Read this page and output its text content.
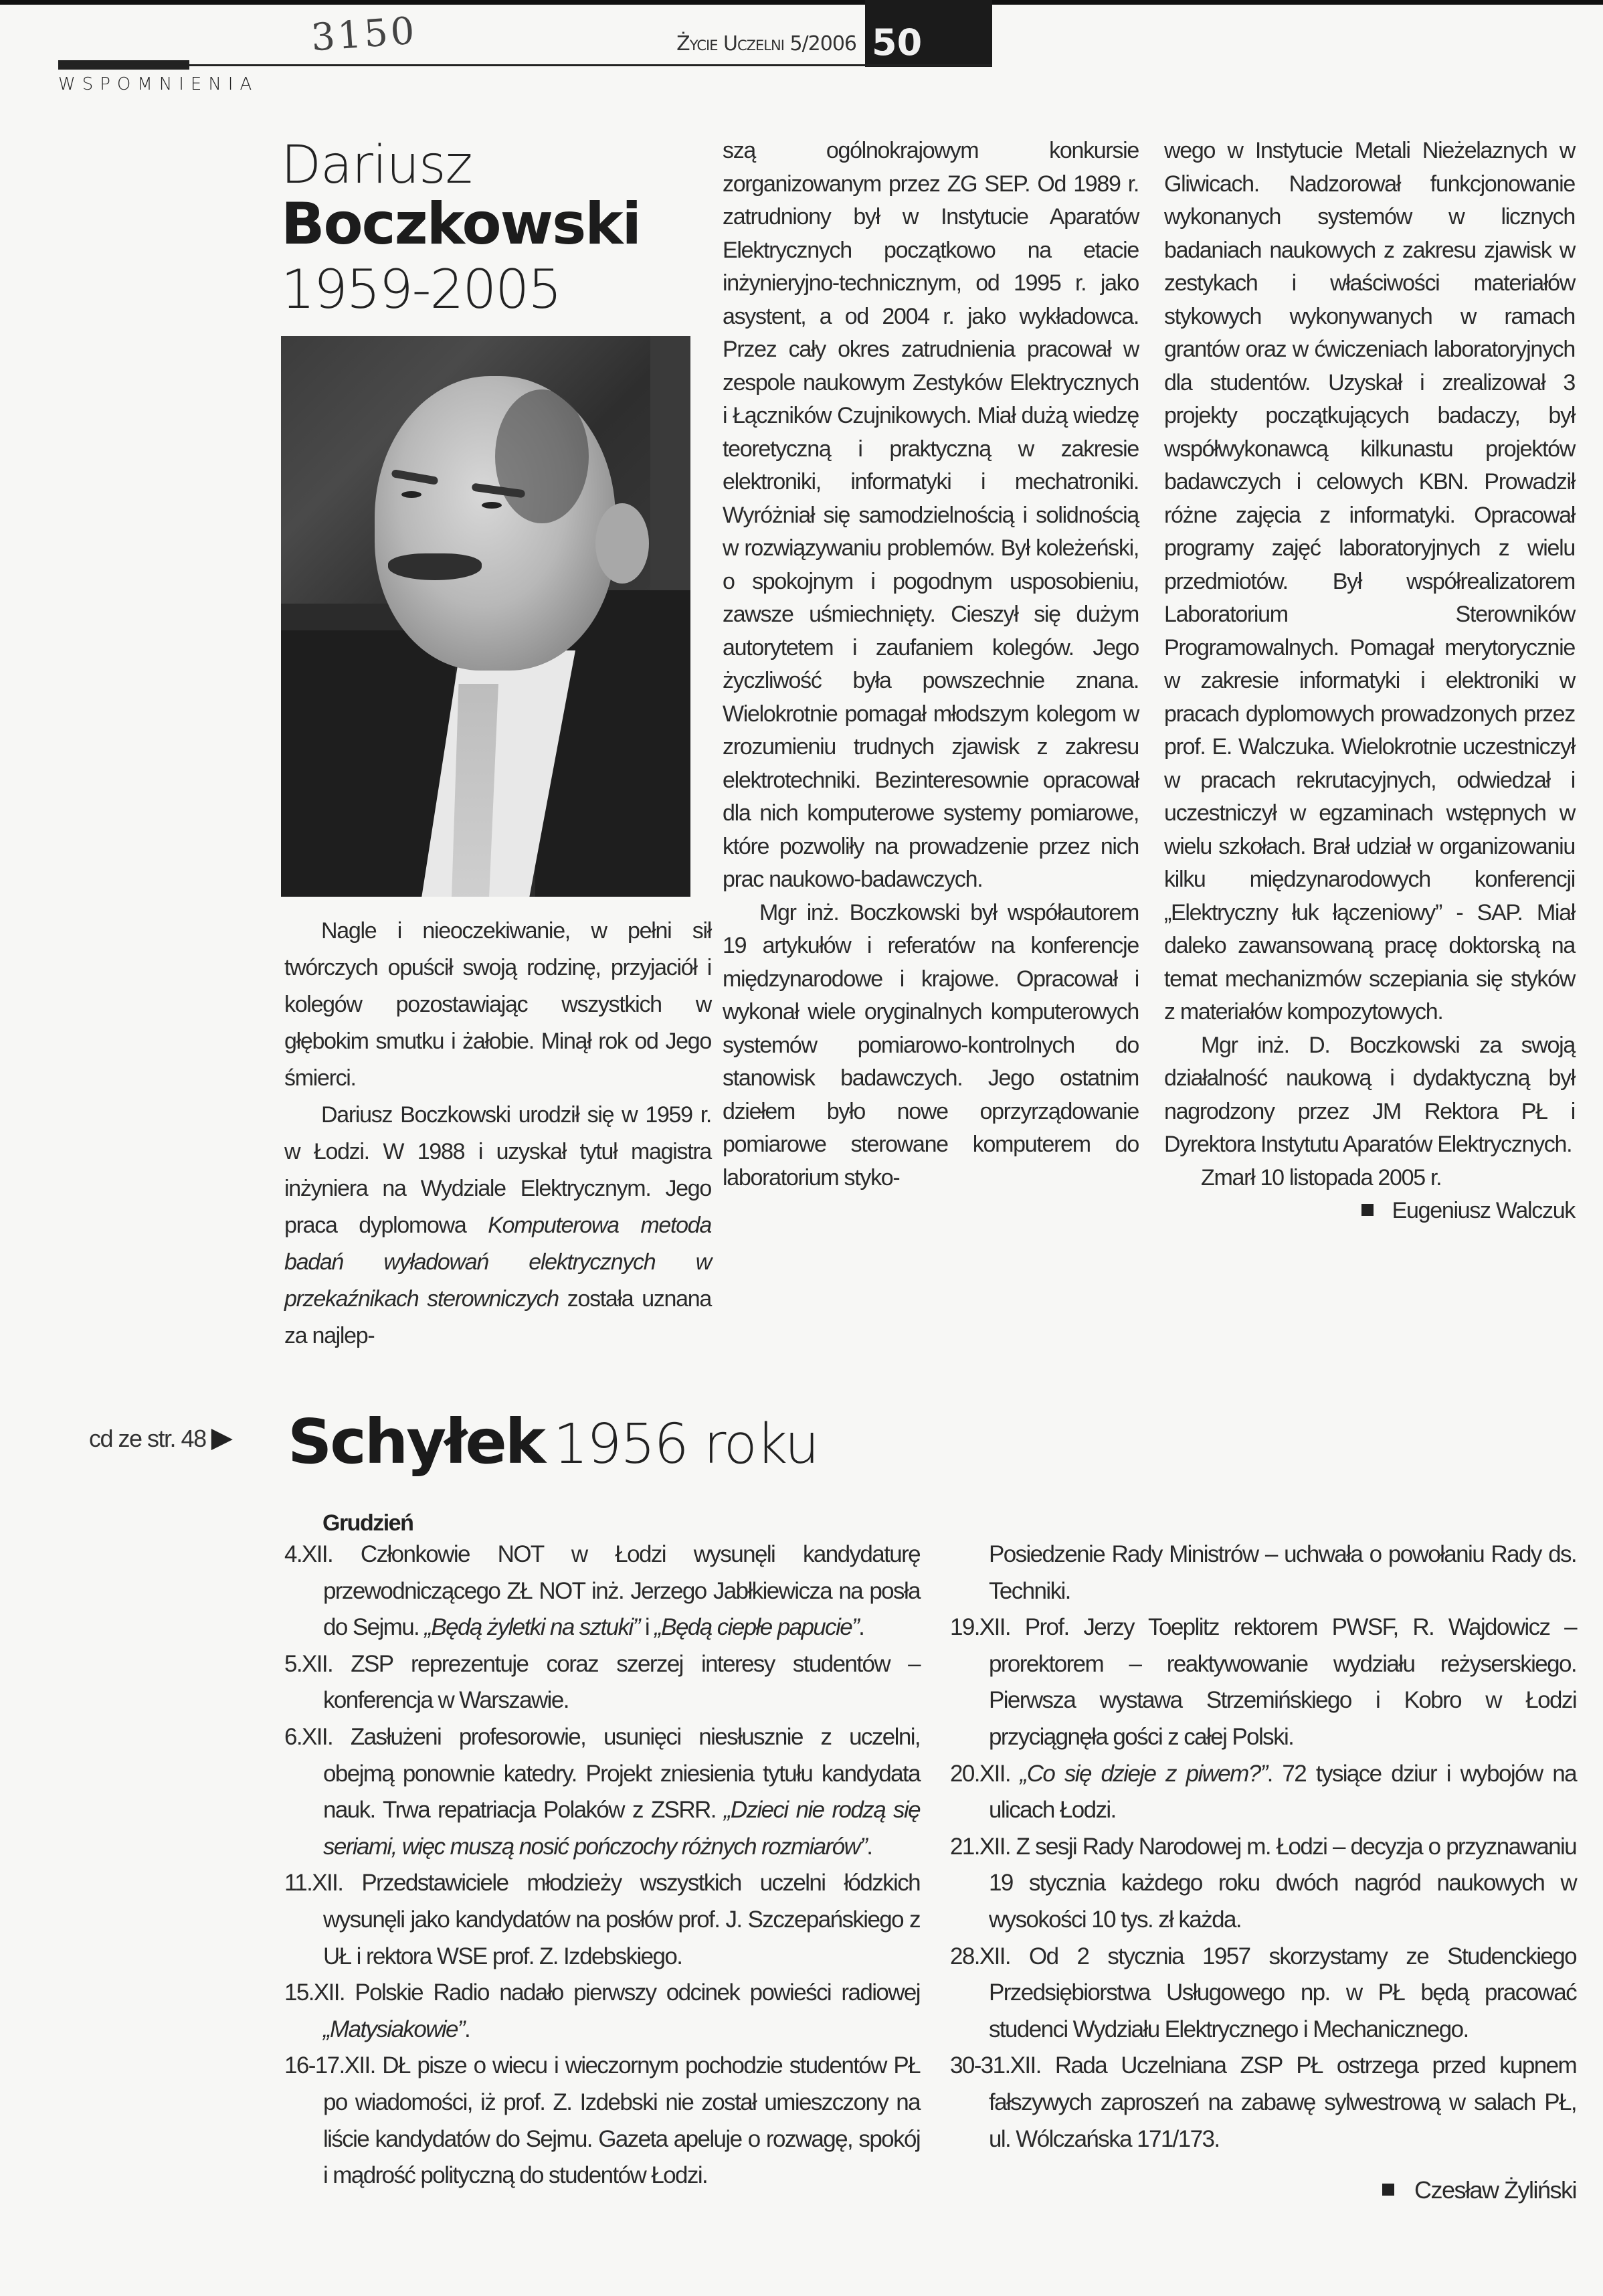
3150	Życie Uczelni 5/2006 50
WSPOMNIENIA
Dariusz
Boczkowski
1959-2005

Nagle i nieoczekiwanie, w pełni sił twórczych opuścił swoją rodzinę, przyjaciół i kolegów pozostawiając wszystkich w głębokim smutku i żałobie. Minął rok od Jego śmierci.

Dariusz Boczkowski urodził się w 1959 r. w Łodzi. W 1988 i uzyskał tytuł magistra inżyniera na Wydziale Elektrycznym. Jego praca dyplomowa Komputerowa metoda badań wyładowań elektrycznych w przekaźnikach sterowniczych została uznana za najlep-

szą ogólnokrajowym konkursie zorganizowanym przez ZG SEP. Od 1989 r. zatrudniony był w Instytucie Aparatów Elektrycznych początkowo na etacie inżynieryjno-technicznym, od 1995 r. jako asystent, a od 2004 r. jako wykładowca. Przez cały okres zatrudnienia pracował w zespole naukowym Zestyków Elektrycznych i Łączników Czujnikowych. Miał dużą wiedzę teoretyczną i praktyczną w zakresie elektroniki, informatyki i mechatroniki. Wyróżniał się samodzielnością i solidnością w rozwiązywaniu problemów. Był koleżeński, o spokojnym i pogodnym usposobieniu, zawsze uśmiechnięty. Cieszył się dużym autorytetem i zaufaniem kolegów. Jego życzliwość była powszechnie znana. Wielokrotnie pomagał młodszym kolegom w zrozumieniu trudnych zjawisk z zakresu elektrotechniki. Bezinteresownie opracował dla nich komputerowe systemy pomiarowe, które pozwoliły na prowadzenie przez nich prac naukowo-badawczych.

Mgr inż. Boczkowski był współautorem 19 artykułów i referatów na konferencje międzynarodowe i krajowe. Opracował i wykonał wiele oryginalnych komputerowych systemów pomiarowo-kontrolnych do stanowisk badawczych. Jego ostatnim dziełem było nowe oprzyrządowanie pomiarowe sterowane komputerem do laboratorium styko-

wego w Instytucie Metali Nieżelaznych w Gliwicach. Nadzorował funkcjonowanie wykonanych systemów w licznych badaniach naukowych z zakresu zjawisk w zestykach i właściwości materiałów stykowych wykonywanych w ramach grantów oraz w ćwiczeniach laboratoryjnych dla studentów. Uzyskał i zrealizował 3 projekty początkujących badaczy, był współwykonawcą kilkunastu projektów badawczych i celowych KBN. Prowadził różne zajęcia z informatyki. Opracował programy zajęć laboratoryjnych z wielu przedmiotów. Był współrealizatorem Laboratorium Sterowników Programowalnych. Pomagał merytorycznie w zakresie informatyki i elektroniki w pracach dyplomowych prowadzonych przez prof. E. Walczuka. Wielokrotnie uczestniczył w pracach rekrutacyjnych, odwiedzał i uczestniczył w egzaminach wstępnych w wielu szkołach. Brał udział w organizowaniu kilku międzynarodowych konferencji „Elektryczny łuk łączeniowy” - SAP. Miał daleko zawansowaną pracę doktorską na temat mechanizmów sczepiania się styków z materiałów kompozytowych.

Mgr inż. D. Boczkowski za swoją działalność naukową i dydaktyczną był nagrodzony przez JM Rektora PŁ i Dyrektora Instytutu Aparatów Elektrycznych.

Zmarł 10 listopada 2005 r.

Eugeniusz Walczuk

cd ze str. 48 ▶ Schyłek 1956 roku
Grudzień

4.XII. Członkowie NOT w Łodzi wysunęli kandydaturę przewodniczącego ZŁ NOT inż. Jerzego Jabłkiewicza na posła do Sejmu. „Będą żyletki na sztuki” i „Będą ciepłe papucie”.

5.XII. ZSP reprezentuje coraz szerzej interesy studentów – konferencja w Warszawie.

6.XII. Zasłużeni profesorowie, usunięci niesłusznie z uczelni, obejmą ponownie katedry. Projekt zniesienia tytułu kandydata nauk. Trwa repatriacja Polaków z ZSRR. „Dzieci nie rodzą się seriami, więc muszą nosić pończochy różnych rozmiarów”.

11.XII. Przedstawiciele młodzieży wszystkich uczelni łódzkich wysunęli jako kandydatów na posłów prof. J. Szczepańskiego z UŁ i rektora WSE prof. Z. Izdebskiego.

15.XII. Polskie Radio nadało pierwszy odcinek powieści radiowej „Matysiakowie”.

16-17.XII. DŁ pisze o wiecu i wieczornym pochodzie studentów PŁ po wiadomości, iż prof. Z. Izdebski nie został umieszczony na liście kandydatów do Sejmu. Gazeta apeluje o rozwagę, spokój i mądrość polityczną do studentów Łodzi.

Posiedzenie Rady Ministrów – uchwała o powołaniu Rady ds. Techniki.

19.XII. Prof. Jerzy Toeplitz rektorem PWSF, R. Wajdowicz – prorektorem – reaktywowanie wydziału reżyserskiego. Pierwsza wystawa Strzemińskiego i Kobro w Łodzi przyciągnęła gości z całej Polski.

20.XII. „Co się dzieje z piwem?”. 72 tysiące dziur i wybojów na ulicach Łodzi.

21.XII. Z sesji Rady Narodowej m. Łodzi – decyzja o przyznawaniu 19 stycznia każdego roku dwóch nagród naukowych w wysokości 10 tys. zł każda.

28.XII. Od 2 stycznia 1957 skorzystamy ze Studenckiego Przedsiębiorstwa Usługowego np. w PŁ będą pracować studenci Wydziału Elektrycznego i Mechanicznego.

30-31.XII. Rada Uczelniana ZSP PŁ ostrzega przed kupnem fałszywych zaproszeń na zabawę sylwestrową w salach PŁ, ul. Wólczańska 171/173.

Czesław Żyliński
